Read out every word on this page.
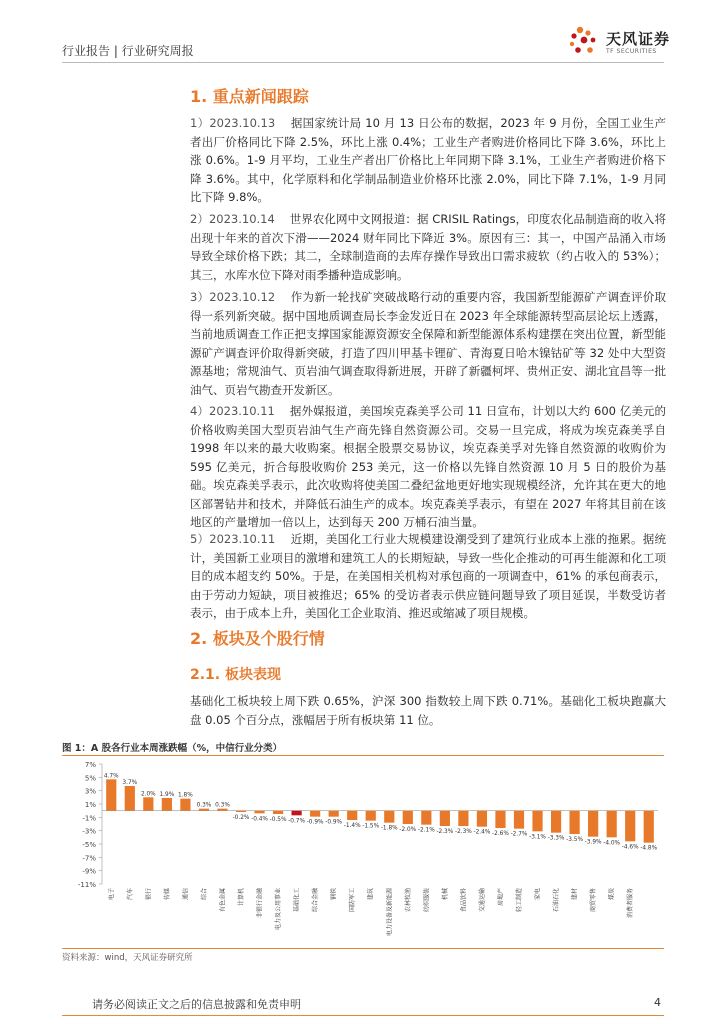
行业报告 | 行业研究周报
天风证券
TF SECURITIES
1. 重点新闻跟踪
1）2023.10.13 据国家统计局 10 月 13 日公布的数据，2023 年 9 月份，全国工业生产者出厂价格同比下降 2.5%，环比上涨 0.4%；工业生产者购进价格同比下降 3.6%，环比上涨 0.6%。1-9 月平均，工业生产者出厂价格比上年同期下降 3.1%，工业生产者购进价格下降 3.6%。其中，化学原料和化学制品制造业价格环比涨 2.0%，同比下降 7.1%，1-9 月同比下降 9.8%。
2）2023.10.14 世界农化网中文网报道：据 CRISIL Ratings，印度农化品制造商的收入将出现十年来的首次下滑——2024 财年同比下降近 3%。原因有三：其一，中国产品涌入市场导致全球价格下跌；其二，全球制造商的去库存操作导致出口需求疲软（约占收入的 53%）；其三，水库水位下降对雨季播种造成影响。
3）2023.10.12 作为新一轮找矿突破战略行动的重要内容，我国新型能源矿产调查评价取得一系列新突破。据中国地质调查局长李金发近日在 2023 年全球能源转型高层论坛上透露，当前地质调查工作正把支撑国家能源资源安全保障和新型能源体系构建摆在突出位置，新型能源矿产调查评价取得新突破，打造了四川甲基卡锂矿、青海夏日哈木镍钴矿等 32 处中大型资源基地；常规油气、页岩油气调查取得新进展，开辟了新疆柯坪、贵州正安、湖北宜昌等一批油气、页岩气勘查开发新区。
4）2023.10.11 据外媒报道，美国埃克森美孚公司 11 日宣布，计划以大约 600 亿美元的价格收购美国大型页岩油气生产商先锋自然资源公司。交易一旦完成，将成为埃克森美孚自 1998 年以来的最大收购案。根据全股票交易协议，埃克森美孚对先锋自然资源的收购价为 595 亿美元，折合每股收购价 253 美元，这一价格以先锋自然资源 10 月 5 日的股价为基础。埃克森美孚表示，此次收购将使美国二叠纪盆地更好地实现规模经济，允许其在更大的地区部署钻井和技术，并降低石油生产的成本。埃克森美孚表示，有望在 2027 年将其目前在该地区的产量增加一倍以上，达到每天 200 万桶石油当量。
5）2023.10.11 近期，美国化工行业大规模建设潮受到了建筑行业成本上涨的拖累。据统计，美国新工业项目的激增和建筑工人的长期短缺，导致一些化企推动的可再生能源和化工项目的成本超支约 50%。于是，在美国相关机构对承包商的一项调查中，61% 的承包商表示，由于劳动力短缺，项目被推迟；65% 的受访者表示供应链问题导致了项目延误，半数受访者表示，由于成本上升，美国化工企业取消、推迟或缩减了项目规模。
2. 板块及个股行情
2.1. 板块表现
基础化工板块较上周下跌 0.65%，沪深 300 指数较上周下跌 0.71%。基础化工板块跑赢大盘 0.05 个百分点，涨幅居于所有板块第 11 位。
图 1：A 股各行业本周涨跌幅（%，中信行业分类）
7%
5%
3%
1%
-1%
-3%
-5%
-7%
-9%
-11%
4.7%
电子
3.7%
汽车
2.0%
银行
1.9%
传媒
1.8%
通信
0.3%
综合
0.3%
有色金属
-0.2%
计算机
-0.4%
非银行金融
-0.5%
电力及公用事业
-0.7%
基础化工
-0.9%
综合金融
-0.9%
钢铁
-1.4%
国防军工
-1.5%
建筑
-1.8%
电力设备及新能源
-2.0%
农林牧渔
-2.1%
纺织服装
-2.3%
机械
-2.3%
食品饮料
-2.4%
交通运输
-2.6%
房地产
-2.7%
轻工制造
-3.1%
家电
-3.3%
石油石化
-3.5%
建材
-3.9%
商贸零售
-4.0%
煤炭
-4.6%
消费者服务
-4.8%
资料来源：wind，天风证券研究所
请务必阅读正文之后的信息披露和免责申明	4
